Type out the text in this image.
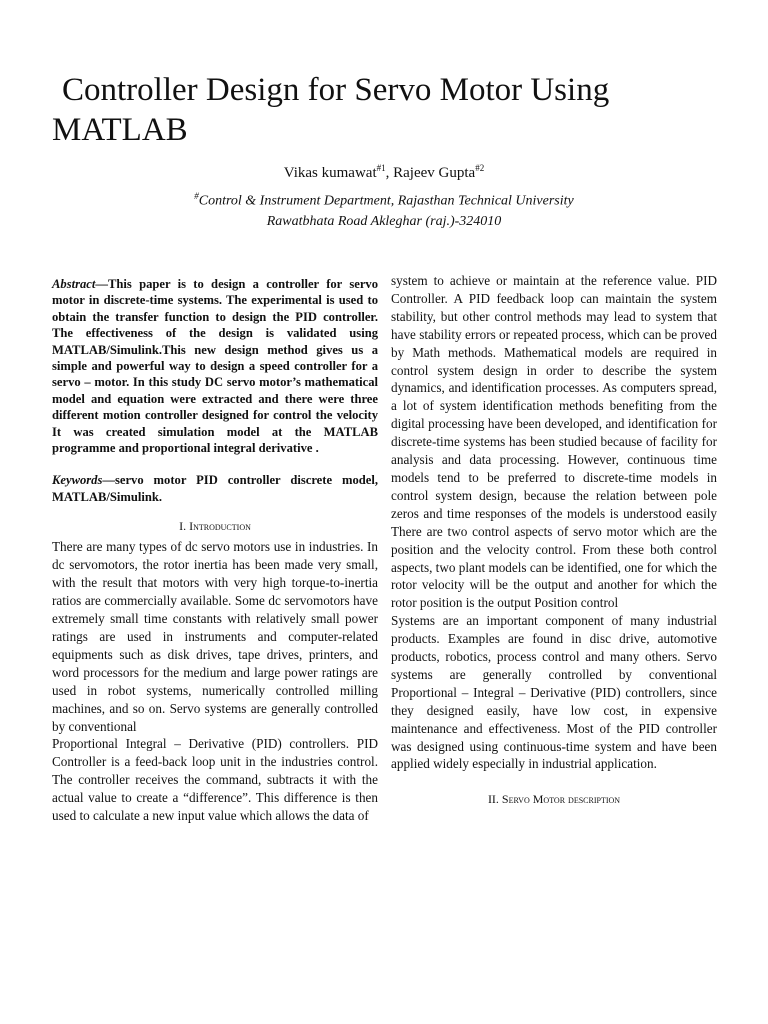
Controller Design for Servo Motor Using MATLAB
Vikas kumawat$^{\#1}$, Rajeev Gupta$^{\#2}$
#Control & Instrument Department, Rajasthan Technical University
Rawatbhata Road Akleghar (raj.)-324010

Abstract—This paper is to design a controller for servo motor in discrete-time systems. The experimental is used to obtain the transfer function to design the PID controller. The effectiveness of the design is validated using MATLAB/Simulink.This new design method gives us a simple and powerful way to design a speed controller for a servo – motor. In this study DC servo motor’s mathematical model and equation were extracted and there were three different motion controller designed for control the velocity It was created simulation model at the MATLAB programme and proportional integral derivative .

Keywords—servo motor PID controller discrete model, MATLAB/Simulink.

I. Introduction

There are many types of dc servo motors use in industries. In dc servomotors, the rotor inertia has been made very small, with the result that motors with very high torque-to-inertia ratios are commercially available. Some dc servomotors have extremely small time constants with relatively small power ratings are used in instruments and computer-related equipments such as disk drives, tape drives, printers, and word processors for the medium and large power ratings are used in robot systems, numerically controlled milling machines, and so on. Servo systems are generally controlled by conventional

Proportional Integral – Derivative (PID) controllers. PID Controller is a feed-back loop unit in the industries control. The controller receives the command, subtracts it with the actual value to create a “difference”. This difference is then used to calculate a new input value which allows the data of

system to achieve or maintain at the reference value. PID Controller. A PID feedback loop can maintain the system stability, but other control methods may lead to system that have stability errors or repeated process, which can be proved by Math methods. Mathematical models are required in control system design in order to describe the system dynamics, and identification processes. As computers spread, a lot of system identification methods benefiting from the digital processing have been developed, and identification for discrete-time systems has been studied because of facility for analysis and data processing. However, continuous time models tend to be preferred to discrete-time models in control system design, because the relation between pole zeros and time responses of the models is understood easily There are two control aspects of servo motor which are the position and the velocity control. From these both control aspects, two plant models can be identified, one for which the rotor velocity will be the output and another for which the rotor position is the output Position control

Systems are an important component of many industrial products. Examples are found in disc drive, automotive products, robotics, process control and many others. Servo systems are generally controlled by conventional Proportional – Integral – Derivative (PID) controllers, since they designed easily, have low cost, in expensive maintenance and effectiveness. Most of the PID controller was designed using continuous-time system and have been applied widely especially in industrial application.

II. Servo Motor description
